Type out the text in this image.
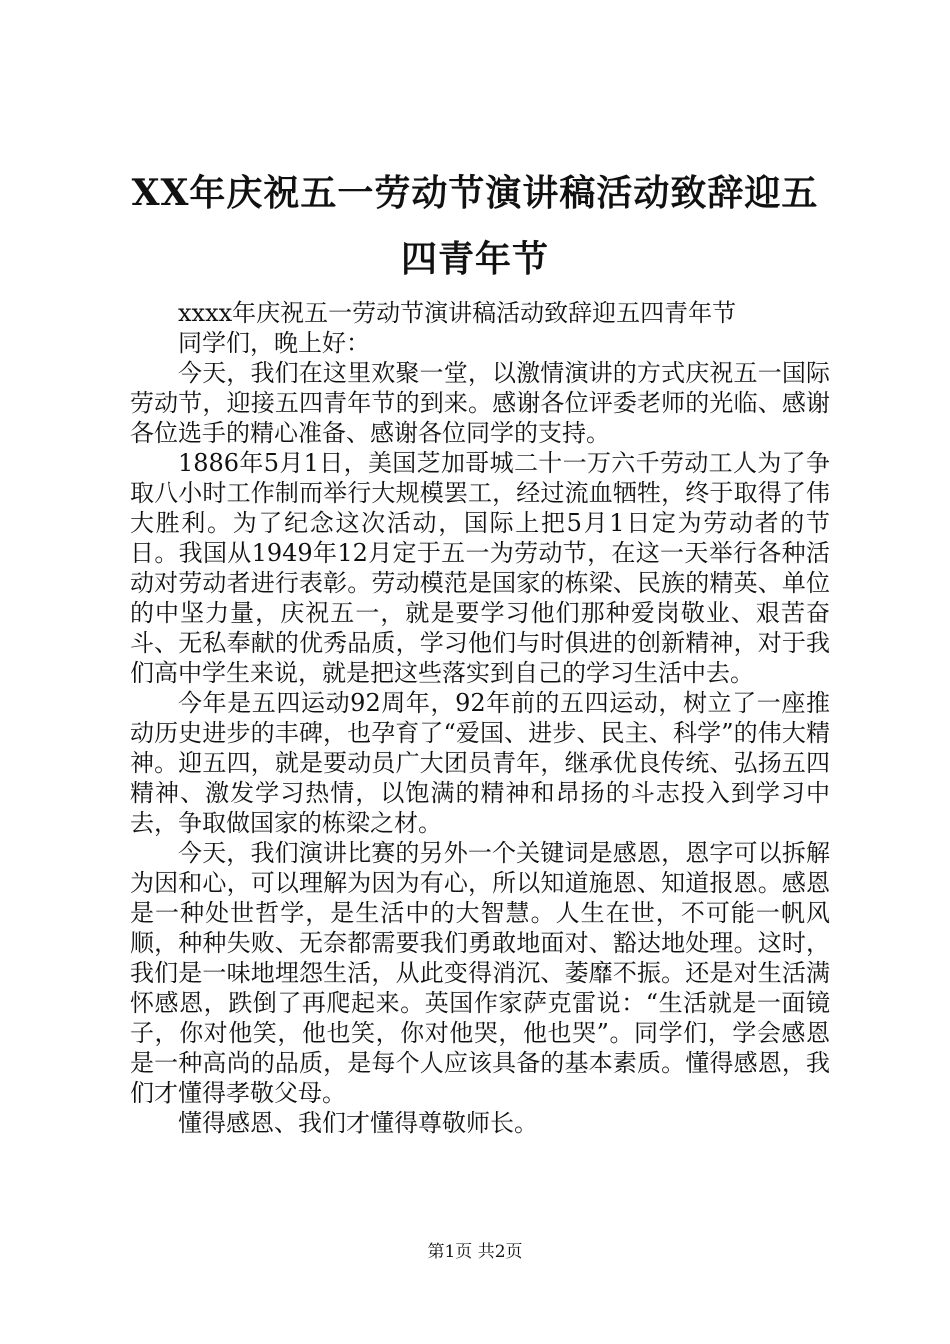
XX年庆祝五一劳动节演讲稿活动致辞迎五四青年节

xxxx年庆祝五一劳动节演讲稿活动致辞迎五四青年节

同学们，晚上好：

今天，我们在这里欢聚一堂，以激情演讲的方式庆祝五一国际劳动节，迎接五四青年节的到来。感谢各位评委老师的光临、感谢各位选手的精心准备、感谢各位同学的支持。

1886年5月1日，美国芝加哥城二十一万六千劳动工人为了争取八小时工作制而举行大规模罢工，经过流血牺牲，终于取得了伟大胜利。为了纪念这次活动，国际上把5月1日定为劳动者的节日。我国从1949年12月定于五一为劳动节，在这一天举行各种活动对劳动者进行表彰。劳动模范是国家的栋梁、民族的精英、单位的中坚力量，庆祝五一，就是要学习他们那种爱岗敬业、艰苦奋斗、无私奉献的优秀品质，学习他们与时俱进的创新精神，对于我们高中学生来说，就是把这些落实到自己的学习生活中去。

今年是五四运动92周年，92年前的五四运动，树立了一座推动历史进步的丰碑，也孕育了“爱国、进步、民主、科学”的伟大精神。迎五四，就是要动员广大团员青年，继承优良传统、弘扬五四精神、激发学习热情，以饱满的精神和昂扬的斗志投入到学习中去，争取做国家的栋梁之材。

今天，我们演讲比赛的另外一个关键词是感恩，恩字可以拆解为因和心，可以理解为因为有心，所以知道施恩、知道报恩。感恩是一种处世哲学，是生活中的大智慧。人生在世，不可能一帆风顺，种种失败、无奈都需要我们勇敢地面对、豁达地处理。这时，我们是一味地埋怨生活，从此变得消沉、萎靡不振。还是对生活满怀感恩，跌倒了再爬起来。英国作家萨克雷说：“生活就是一面镜子，你对他笑，他也笑，你对他哭，他也哭”。同学们，学会感恩是一种高尚的品质，是每个人应该具备的基本素质。懂得感恩，我们才懂得孝敬父母。

懂得感恩、我们才懂得尊敬师长。

第1页 共2页
